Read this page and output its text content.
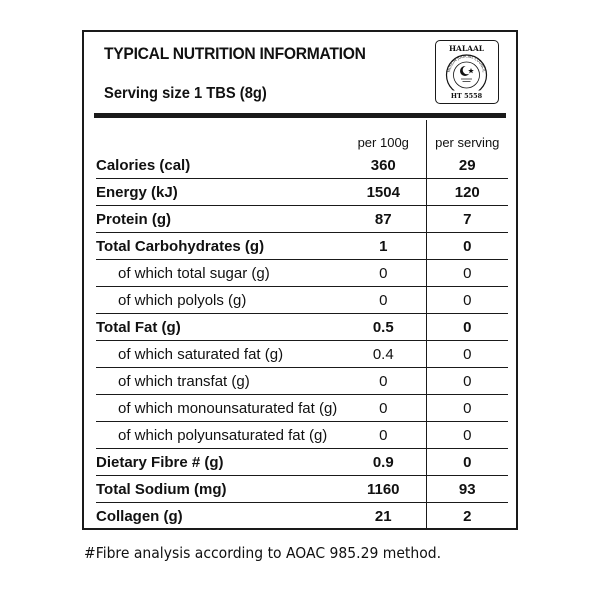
TYPICAL NUTRITION INFORMATION
Serving size 1 TBS (8g)
HALAAL
MUSLIM JUDICIAL COUNCIL
HT 5558
	per 100g	per serving
Calories (cal)	360	29
Energy (kJ)	1504	120
Protein (g)	87	7
Total Carbohydrates (g)	1	0
of which total sugar (g)	0	0
of which polyols (g)	0	0
Total Fat (g)	0.5	0
of which saturated fat (g)	0.4	0
of which transfat (g)	0	0
of which monounsaturated fat (g)	0	0
of which polyunsaturated fat (g)	0	0
Dietary Fibre # (g)	0.9	0
Total Sodium (mg)	1160	93
Collagen (g)	21	2
#Fibre analysis according to AOAC 985.29 method.
